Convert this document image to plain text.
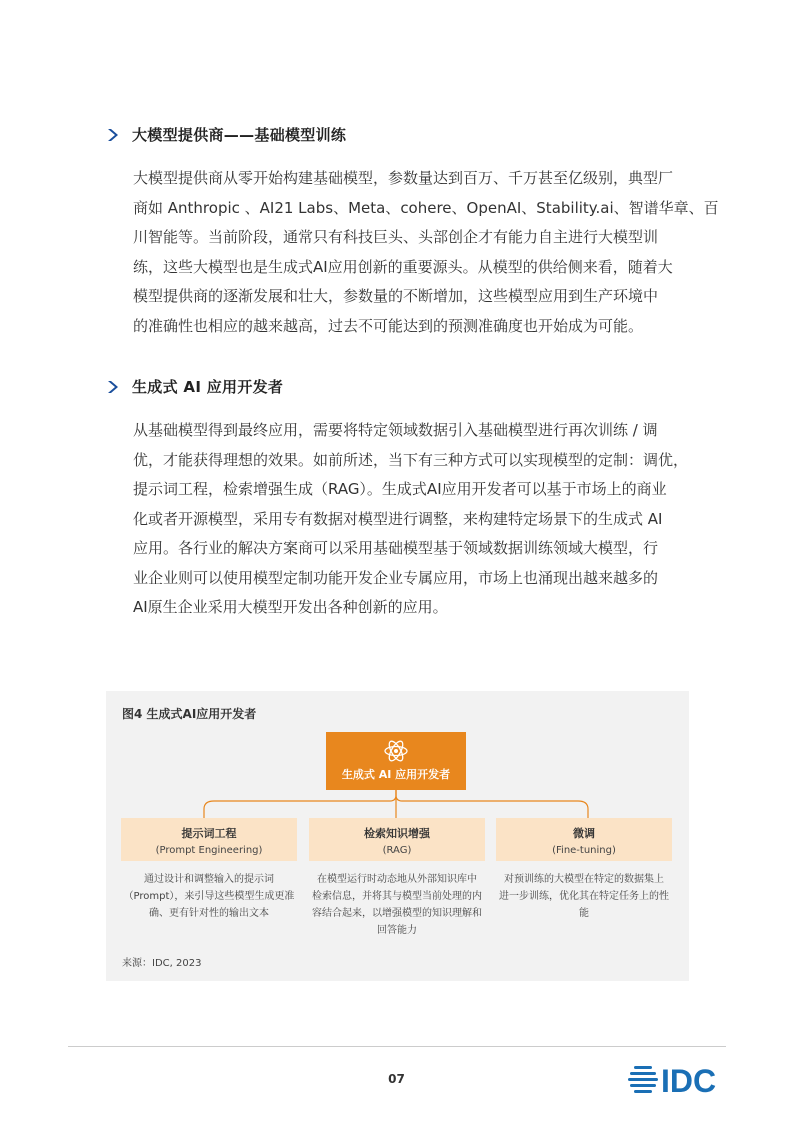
大模型提供商——基础模型训练
大模型提供商从零开始构建基础模型，参数量达到百万、千万甚至亿级别，典型厂
商如 Anthropic 、AI21 Labs、Meta、cohere、OpenAI、Stability.ai、智谱华章、百
川智能等。当前阶段，通常只有科技巨头、头部创企才有能力自主进行大模型训
练，这些大模型也是生成式AI应用创新的重要源头。从模型的供给侧来看，随着大
模型提供商的逐渐发展和壮大，参数量的不断增加，这些模型应用到生产环境中
的准确性也相应的越来越高，过去不可能达到的预测准确度也开始成为可能。
生成式 AI 应用开发者
从基础模型得到最终应用，需要将特定领域数据引入基础模型进行再次训练 / 调
优，才能获得理想的效果。如前所述，当下有三种方式可以实现模型的定制：调优，
提示词工程，检索增强生成（RAG）。生成式AI应用开发者可以基于市场上的商业
化或者开源模型，采用专有数据对模型进行调整，来构建特定场景下的生成式 AI
应用。各行业的解决方案商可以采用基础模型基于领域数据训练领域大模型，行
业企业则可以使用模型定制功能开发企业专属应用，市场上也涌现出越来越多的
AI原生企业采用大模型开发出各种创新的应用。
图4 生成式AI应用开发者
生成式 AI 应用开发者
提示词工程
(Prompt Engineering)
检索知识增强
(RAG)
微调
(Fine-tuning)
通过设计和调整输入的提示词
（Prompt），来引导这些模型生成更准
确、更有针对性的输出文本
在模型运行时动态地从外部知识库中
检索信息，并将其与模型当前处理的内
容结合起来，以增强模型的知识理解和
回答能力
对预训练的大模型在特定的数据集上
进一步训练，优化其在特定任务上的性
能
来源：IDC, 2023
07	IDC
